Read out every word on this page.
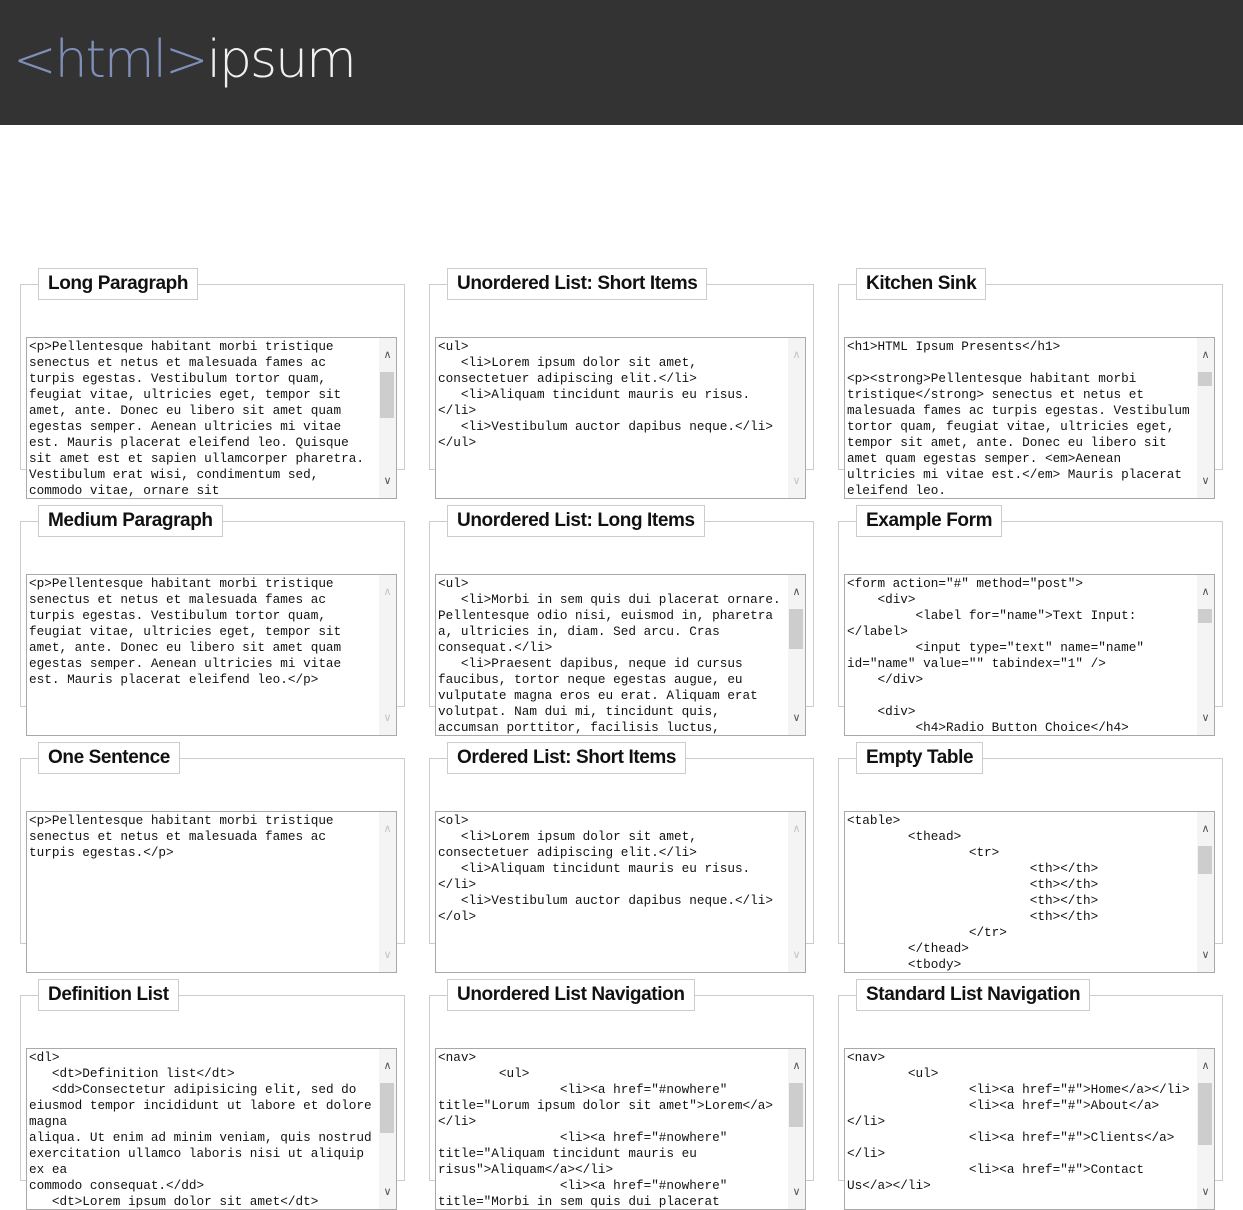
<html>ipsum
Long Paragraph
<p>Pellentesque habitant morbi tristique senectus et netus et malesuada fames ac turpis egestas. Vestibulum tortor quam, feugiat vitae, ultricies eget, tempor sit amet, ante. Donec eu libero sit amet quam egestas semper. Aenean ultricies mi vitae est. Mauris placerat eleifend leo. Quisque sit amet est et sapien ullamcorper pharetra. Vestibulum erat wisi, condimentum sed, commodo vitae, ornare sit
∧
∨
Unordered List: Short Items
<ul>
<li>Lorem ipsum dolor sit amet, consectetuer adipiscing elit.</li>
<li>Aliquam tincidunt mauris eu risus.</li>
<li>Vestibulum auctor dapibus neque.</li>
</ul>
∧
∨
Kitchen Sink
<h1>HTML Ipsum Presents</h1>

<p><strong>Pellentesque habitant morbi tristique</strong> senectus et netus et malesuada fames ac turpis egestas. Vestibulum tortor quam, feugiat vitae, ultricies eget, tempor sit amet, ante. Donec eu libero sit amet quam egestas semper. <em>Aenean ultricies mi vitae est.</em> Mauris placerat eleifend leo.
∧
∨
Medium Paragraph
<p>Pellentesque habitant morbi tristique senectus et netus et malesuada fames ac turpis egestas. Vestibulum tortor quam, feugiat vitae, ultricies eget, tempor sit amet, ante. Donec eu libero sit amet quam egestas semper. Aenean ultricies mi vitae est. Mauris placerat eleifend leo.</p>
∧
∨
Unordered List: Long Items
<ul>
<li>Morbi in sem quis dui placerat ornare. Pellentesque odio nisi, euismod in, pharetra a, ultricies in, diam. Sed arcu. Cras consequat.</li>
<li>Praesent dapibus, neque id cursus faucibus, tortor neque egestas augue, eu vulputate magna eros eu erat. Aliquam erat volutpat. Nam dui mi, tincidunt quis, accumsan porttitor, facilisis luctus,
∧
∨
Example Form
<form action="#" method="post">
<div>
<label for="name">Text Input:</label>
<input type="text" name="name" id="name" value="" tabindex="1" />
</div>

<div>
<h4>Radio Button Choice</h4>
∧
∨
One Sentence
<p>Pellentesque habitant morbi tristique senectus et netus et malesuada fames ac turpis egestas.</p>
∧
∨
Ordered List: Short Items
<ol>
<li>Lorem ipsum dolor sit amet, consectetuer adipiscing elit.</li>
<li>Aliquam tincidunt mauris eu risus.</li>
<li>Vestibulum auctor dapibus neque.</li>
</ol>
∧
∨
Empty Table
<table>
<thead>
<tr>
<th></th>
<th></th>
<th></th>
<th></th>
</tr>
</thead>
<tbody>
∧
∨
Definition List
<dl>
<dt>Definition list</dt>
<dd>Consectetur adipisicing elit, sed do eiusmod tempor incididunt ut labore et dolore magna
aliqua. Ut enim ad minim veniam, quis nostrud exercitation ullamco laboris nisi ut aliquip ex ea
commodo consequat.</dd>
<dt>Lorem ipsum dolor sit amet</dt>
∧
∨
Unordered List Navigation
<nav>
<ul>
<li><a href="#nowhere" title="Lorum ipsum dolor sit amet">Lorem</a></li>
<li><a href="#nowhere" title="Aliquam tincidunt mauris eu risus">Aliquam</a></li>
<li><a href="#nowhere" title="Morbi in sem quis dui placerat
∧
∨
Standard List Navigation
<nav>
<ul>
<li><a href="#">Home</a></li>
<li><a href="#">About</a></li>
<li><a href="#">Clients</a></li>
<li><a href="#">Contact Us</a></li>
∧
∨
